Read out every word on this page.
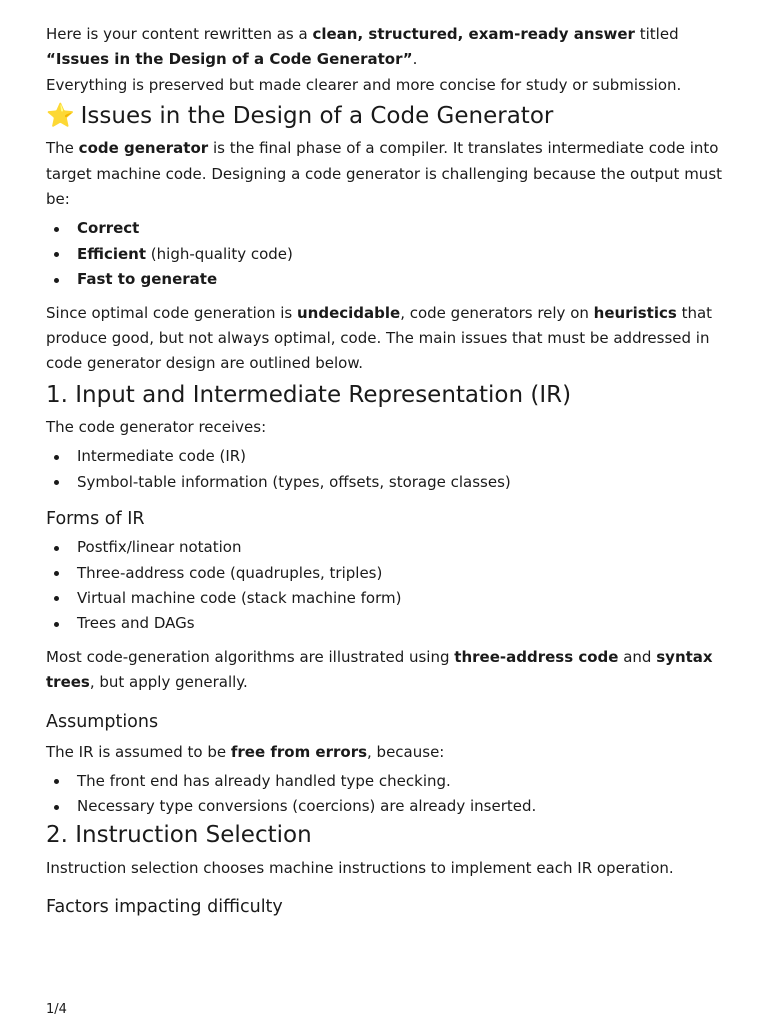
Here is your content rewritten as a clean, structured, exam-ready answer titled “Issues in the Design of a Code Generator”.

Everything is preserved but made clearer and more concise for study or submission.

⭐ Issues in the Design of a Code Generator

The code generator is the final phase of a compiler. It translates intermediate code into target machine code. Designing a code generator is challenging because the output must be:

Correct
Efficient (high-quality code)
Fast to generate

Since optimal code generation is undecidable, code generators rely on heuristics that produce good, but not always optimal, code. The main issues that must be addressed in code generator design are outlined below.

1. Input and Intermediate Representation (IR)

The code generator receives:

Intermediate code (IR)
Symbol-table information (types, offsets, storage classes)
Forms of IR
Postfix/linear notation
Three-address code (quadruples, triples)
Virtual machine code (stack machine form)
Trees and DAGs

Most code-generation algorithms are illustrated using three-address code and syntax trees, but apply generally.

Assumptions

The IR is assumed to be free from errors, because:

The front end has already handled type checking.
Necessary type conversions (coercions) are already inserted.
2. Instruction Selection

Instruction selection chooses machine instructions to implement each IR operation.

Factors impacting difficulty
1/4
